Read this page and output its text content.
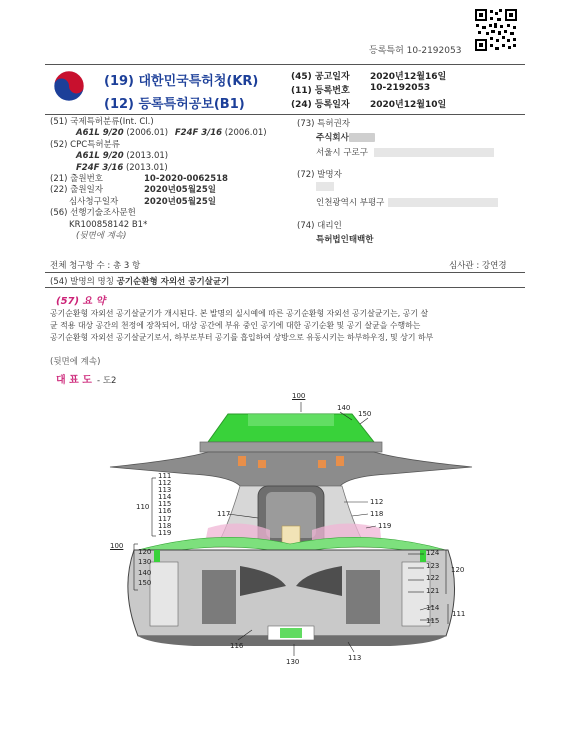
등록특허 10-2192053
(19) 대한민국특허청(KR)
(12) 등록특허공보(B1)
(45) 공고일자 2020년12월16일
(11) 등록번호 10-2192053
(24) 등록일자 2020년12월10일
(51) 국제특허분류(Int. Cl.)
A61L 9/20 (2006.01) F24F 3/16 (2006.01)
(52) CPC특허분류
A61L 9/20 (2013.01)
F24F 3/16 (2013.01)
(21) 출원번호	10-2020-0062518
(22) 출원일자	2020년05월25일
심사청구일자	2020년05월25일
(56) 선행기술조사문헌
KR100858142 B1*
(뒷면에 계속)
(73) 특허권자
주식회사
서울시 구로구
(72) 발명자
인천광역시 부평구
(74) 대리인
특허법인태백한
전체 청구항 수 : 총 3 항	심사관 : 강연경
(54) 발명의 명칭 공기순환형 자외선 공기살균기
(57) 요 약
공기순환형 자외선 공기살균기가 개시된다. 본 발명의 실시예에 따른 공기순환형 자외선 공기살균기는, 공기 살
균 적용 대상 공간의 천정에 장착되어, 대상 공간에 부유 중인 공기에 대한 공기순환 및 공기 살균을 수행하는
공기순환형 자외선 공기살균기로서, 하부로부터 공기를 흡입하여 상방으로 유동시키는 하부하우징, 및 상기 하부
(뒷면에 계속)
대 표 도 - 도2
100
140
150
111
112
113
114
115
116
117
118
119
110
117
112
118
119
100
120
130
140
150
124
123
122
121
120
114
115
111
116
130	113
